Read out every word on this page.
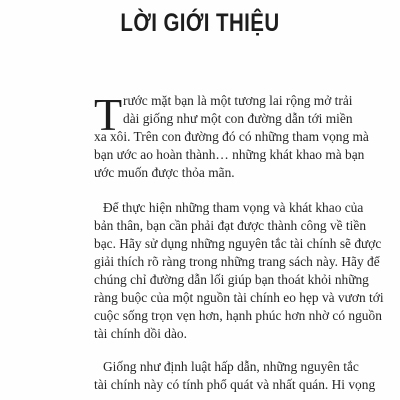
LỜI GIỚI THIỆU
T rước mặt bạn là một tương lai rộng mở trải
dài giống như một con đường dẫn tới miền
xa xôi. Trên con đường đó có những tham vọng mà
bạn ước ao hoàn thành… những khát khao mà bạn
ước muốn được thỏa mãn.
Để thực hiện những tham vọng và khát khao của
bản thân, bạn cần phải đạt được thành công về tiền
bạc. Hãy sử dụng những nguyên tắc tài chính sẽ được
giải thích rõ ràng trong những trang sách này. Hãy để
chúng chỉ đường dẫn lối giúp bạn thoát khỏi những
ràng buộc của một nguồn tài chính eo hẹp và vươn tới
cuộc sống trọn vẹn hơn, hạnh phúc hơn nhờ có nguồn
tài chính dồi dào.
Giống như định luật hấp dẫn, những nguyên tắc
tài chính này có tính phổ quát và nhất quán. Hi vọng
